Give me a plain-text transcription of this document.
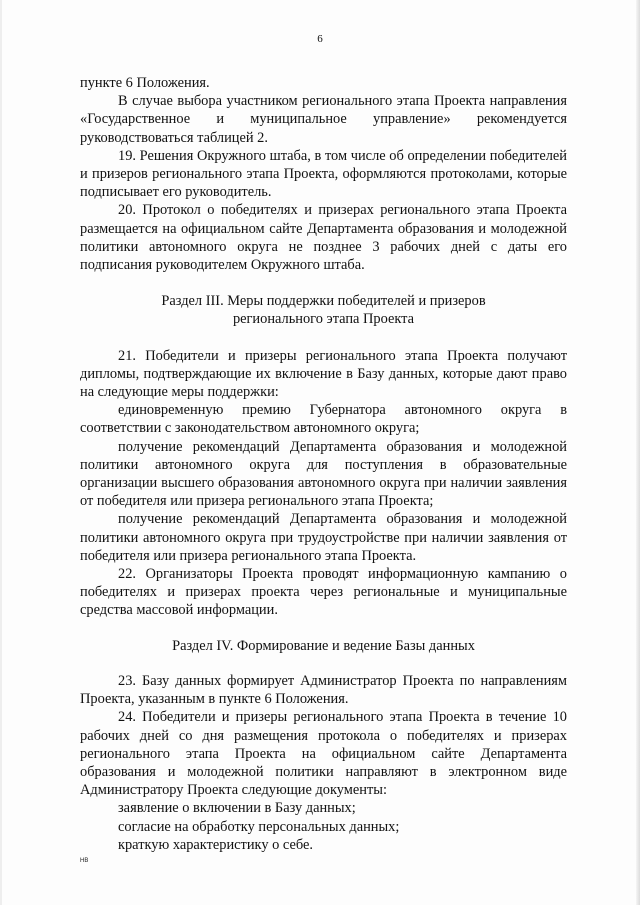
6

пункте 6 Положения.

В случае выбора участником регионального этапа Проекта направления «Государственное и муниципальное управление» рекомендуется руководствоваться таблицей 2.

19. Решения Окружного штаба, в том числе об определении победителей и призеров регионального этапа Проекта, оформляются протоколами, которые подписывает его руководитель.

20. Протокол о победителях и призерах регионального этапа Проекта размещается на официальном сайте Департамента образования и молодежной политики автономного округа не позднее 3 рабочих дней с даты его подписания руководителем Окружного штаба.

Раздел III. Меры поддержки победителей и призеров

регионального этапа Проекта

21. Победители и призеры регионального этапа Проекта получают дипломы, подтверждающие их включение в Базу данных, которые дают право на следующие меры поддержки:

единовременную премию Губернатора автономного округа в соответствии с законодательством автономного округа;

получение рекомендаций Департамента образования и молодежной политики автономного округа для поступления в образовательные организации высшего образования автономного округа при наличии заявления от победителя или призера регионального этапа Проекта;

получение рекомендаций Департамента образования и молодежной политики автономного округа при трудоустройстве при наличии заявления от победителя или призера регионального этапа Проекта.

22. Организаторы Проекта проводят информационную кампанию о победителях и призерах проекта через региональные и муниципальные средства массовой информации.

Раздел IV. Формирование и ведение Базы данных

23. Базу данных формирует Администратор Проекта по направлениям Проекта, указанным в пункте 6 Положения.

24. Победители и призеры регионального этапа Проекта в течение 10 рабочих дней со дня размещения протокола о победителях и призерах регионального этапа Проекта на официальном сайте Департамента образования и молодежной политики направляют в электронном виде Администратору Проекта следующие документы:

заявление о включении в Базу данных;

согласие на обработку персональных данных;

краткую характеристику о себе.

НВ
